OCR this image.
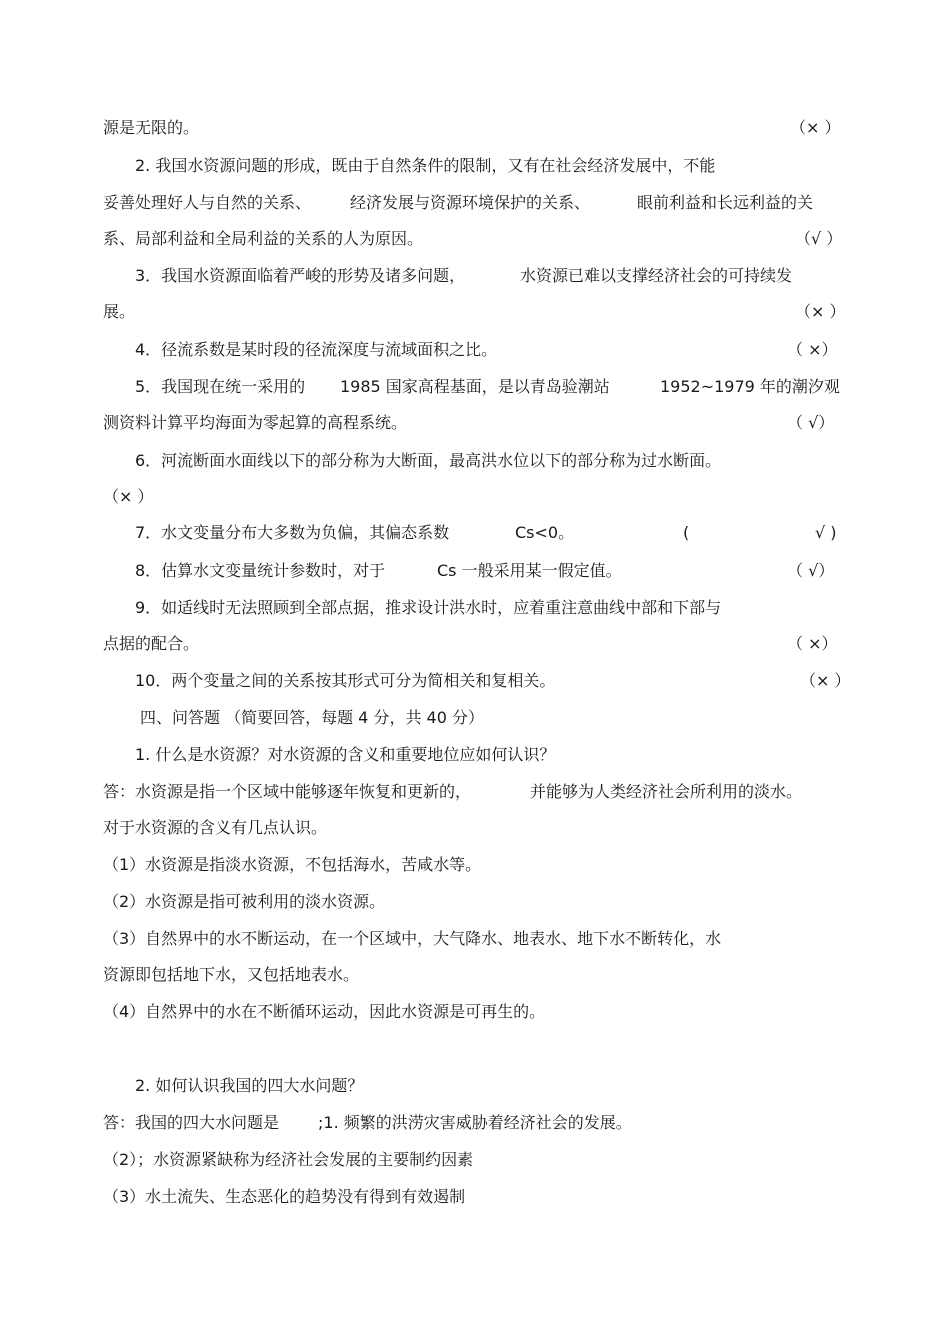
源是无限的。	（× ）
2. 我国水资源问题的形成，既由于自然条件的限制，又有在社会经济发展中，不能
妥善处理好人与自然的关系、 经济发展与资源环境保护的关系、	眼前利益和长远利益的关
系、局部利益和全局利益的关系的人为原因。	（√ ）
3．我国水资源面临着严峻的形势及诸多问题，	水资源已难以支撑经济社会的可持续发
展。	（× ）
4．径流系数是某时段的径流深度与流域面积之比。	（ ×）
5．我国现在统一采用的 1985 国家高程基面，是以青岛验潮站	1952~1979 年的潮汐观
测资料计算平均海面为零起算的高程系统。	（ √）
6．河流断面水面线以下的部分称为大断面，最高洪水位以下的部分称为过水断面。
（× ）
7．水文变量分布大多数为负偏，其偏态系数	Cs<0。	(	√ )
8．估算水文变量统计参数时，对于	Cs 一般采用某一假定值。	（ √）
9．如适线时无法照顾到全部点据，推求设计洪水时，应着重注意曲线中部和下部与
点据的配合。	（ ×）
10．两个变量之间的关系按其形式可分为简相关和复相关。	（× ）
四、问答题 （简要回答，每题 4 分，共 40 分）
1. 什么是水资源？对水资源的含义和重要地位应如何认识？
答：水资源是指一个区域中能够逐年恢复和更新的，	并能够为人类经济社会所利用的淡水。
对于水资源的含义有几点认识。
（1）水资源是指淡水资源，不包括海水，苦咸水等。
（2）水资源是指可被利用的淡水资源。
（3）自然界中的水不断运动，在一个区域中，大气降水、地表水、地下水不断转化，水
资源即包括地下水，又包括地表水。
（4）自然界中的水在不断循环运动，因此水资源是可再生的。
2. 如何认识我国的四大水问题？
答：我国的四大水问题是 ;1. 频繁的洪涝灾害威胁着经济社会的发展。
（2）；水资源紧缺称为经济社会发展的主要制约因素
（3）水土流失、生态恶化的趋势没有得到有效遏制
